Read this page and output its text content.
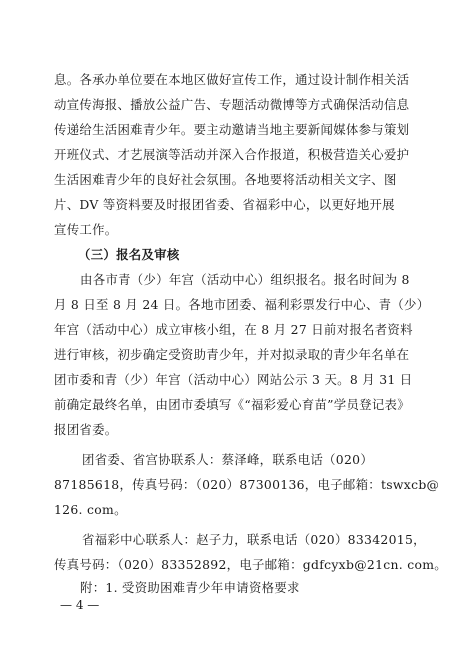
息。各承办单位要在本地区做好宣传工作，通过设计制作相关活
动宣传海报、播放公益广告、专题活动微博等方式确保活动信息
传递给生活困难青少年。要主动邀请当地主要新闻媒体参与策划
开班仪式、才艺展演等活动并深入合作报道，积极营造关心爱护
生活困难青少年的良好社会氛围。各地要将活动相关文字、图
片、DV 等资料要及时报团省委、省福彩中心，以更好地开展
宣传工作。
（三）报名及审核
由各市青（少）年宫（活动中心）组织报名。报名时间为 8
月 8 日至 8 月 24 日。各地市团委、福利彩票发行中心、青（少）
年宫（活动中心）成立审核小组，在 8 月 27 日前对报名者资料
进行审核，初步确定受资助青少年，并对拟录取的青少年名单在
团市委和青（少）年宫（活动中心）网站公示 3 天。8 月 31 日
前确定最终名单，由团市委填写《“福彩爱心育苗”学员登记表》
报团省委。
团省委、省宫协联系人：蔡泽峰，联系电话（020）
87185618，传真号码：（020）87300136，电子邮箱：tswxcb@
126. com。
省福彩中心联系人：赵子力，联系电话（020）83342015，
传真号码：（020）83352892，电子邮箱：gdfcyxb@21cn. com。
附：1. 受资助困难青少年申请资格要求
— 4 —
